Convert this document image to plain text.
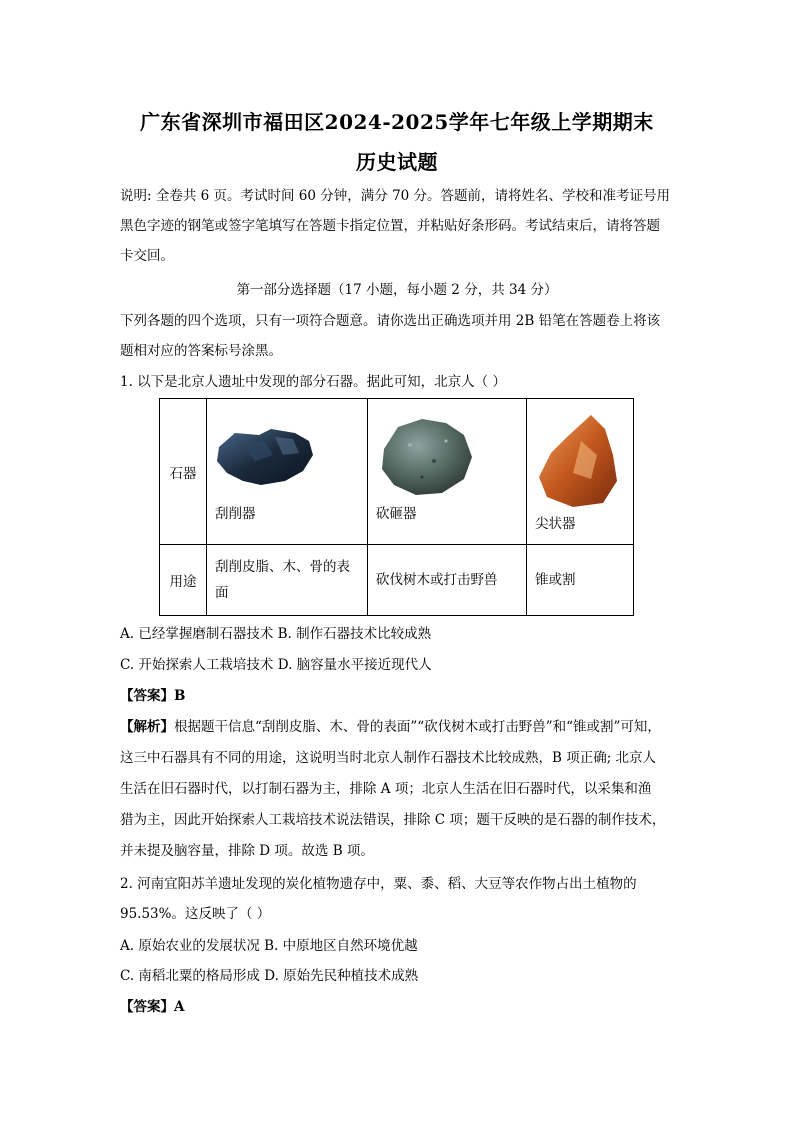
广东省深圳市福田区2024-2025学年七年级上学期期末
历史试题
说明: 全卷共 6 页。考试时间 60 分钟，满分 70 分。答题前，请将姓名、学校和准考证号用
黑色字迹的钢笔或签字笔填写在答题卡指定位置，并粘贴好条形码。考试结束后，请将答题
卡交回。
第一部分选择题（17 小题，每小题 2 分，共 34 分）
下列各题的四个选项，只有一项符合题意。请你选出正确选项并用 2B 铅笔在答题卷上将该
题相对应的答案标号涂黑。
1. 以下是北京人遗址中发现的部分石器。据此可知，北京人（ ）
石器	刮削器	砍砸器	尖状器

用途	刮削皮脂、木、骨的表
面	砍伐树木或打击野兽	锥或割
A. 已经掌握磨制石器技术 B. 制作石器技术比较成熟
C. 开始探索人工栽培技术 D. 脑容量水平接近现代人
【答案】B
【解析】根据题干信息“刮削皮脂、木、骨的表面”“砍伐树木或打击野兽”和“锥或割”可知，
这三中石器具有不同的用途，这说明当时北京人制作石器技术比较成熟，B 项正确; 北京人
生活在旧石器时代，以打制石器为主，排除 A 项；北京人生活在旧石器时代，以采集和渔
猎为主，因此开始探索人工栽培技术说法错误，排除 C 项；题干反映的是石器的制作技术，
并未提及脑容量，排除 D 项。故选 B 项。
2. 河南宜阳苏羊遗址发现的炭化植物遗存中，粟、黍、稻、大豆等农作物占出土植物的
95.53%。这反映了（ ）
A. 原始农业的发展状况 B. 中原地区自然环境优越
C. 南稻北粟的格局形成 D. 原始先民种植技术成熟
【答案】A
